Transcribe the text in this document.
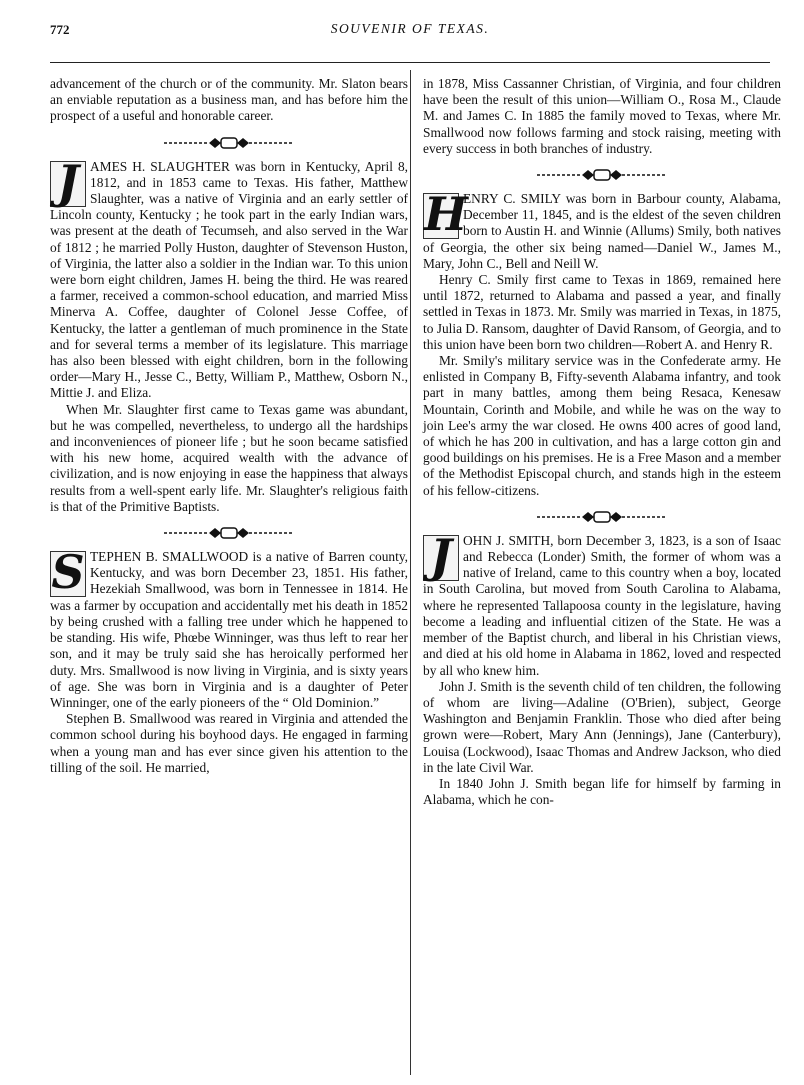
772	SOUVENIR OF TEXAS.

advancement of the church or of the community. Mr. Slaton bears an enviable reputation as a business man, and has before him the prospect of a useful and honorable career.

J AMES H. SLAUGHTER was born in Kentucky, April 8, 1812, and in 1853 came to Texas. His father, Matthew Slaughter, was a native of Virginia and an early settler of Lincoln county, Kentucky ; he took part in the early Indian wars, was present at the death of Tecumseh, and also served in the War of 1812 ; he married Polly Huston, daughter of Stevenson Huston, of Virginia, the latter also a soldier in the Indian war. To this union were born eight children, James H. being the third. He was reared a farmer, received a common-school education, and married Miss Minerva A. Coffee, daughter of Colonel Jesse Coffee, of Kentucky, the latter a gentleman of much prominence in the State and for several terms a member of its legislature. This marriage has also been blessed with eight children, born in the following order—Mary H., Jesse C., Betty, William P., Matthew, Osborn N., Mittie J. and Eliza.

When Mr. Slaughter first came to Texas game was abundant, but he was compelled, nevertheless, to undergo all the hardships and inconveniences of pioneer life ; but he soon became satisfied with his new home, acquired wealth with the advance of civilization, and is now enjoying in ease the happiness that always results from a well-spent early life. Mr. Slaughter's religious faith is that of the Primitive Baptists.

S TEPHEN B. SMALLWOOD is a native of Barren county, Kentucky, and was born December 23, 1851. His father, Hezekiah Smallwood, was born in Tennessee in 1814. He was a farmer by occupation and accidentally met his death in 1852 by being crushed with a falling tree under which he happened to be standing. His wife, Phœbe Winninger, was thus left to rear her son, and it may be truly said she has heroically performed her duty. Mrs. Smallwood is now living in Virginia, and is sixty years of age. She was born in Virginia and is a daughter of Peter Winninger, one of the early pioneers of the “ Old Dominion.”

Stephen B. Smallwood was reared in Virginia and attended the common school during his boyhood days. He engaged in farming when a young man and has ever since given his attention to the tilling of the soil. He married,

in 1878, Miss Cassanner Christian, of Virginia, and four children have been the result of this union—William O., Rosa M., Claude M. and James C. In 1885 the family moved to Texas, where Mr. Smallwood now follows farming and stock raising, meeting with every success in both branches of industry.

H
ENRY C. SMILY was born in Barbour county, Alabama, December 11, 1845, and is the eldest of the seven children born to Austin H. and Winnie (Allums) Smily, both natives of Georgia, the other six being named—Daniel W., James M., Mary, John C., Bell and Neill W.

Henry C. Smily first came to Texas in 1869, remained here until 1872, returned to Alabama and passed a year, and finally settled in Texas in 1873. Mr. Smily was married in Texas, in 1875, to Julia D. Ransom, daughter of David Ransom, of Georgia, and to this union have been born two children—Robert A. and Henry R.

Mr. Smily's military service was in the Confederate army. He enlisted in Company B, Fifty-seventh Alabama infantry, and took part in many battles, among them being Resaca, Kenesaw Mountain, Corinth and Mobile, and while he was on the way to join Lee's army the war closed. He owns 400 acres of good land, of which he has 200 in cultivation, and has a large cotton gin and good buildings on his premises. He is a Free Mason and a member of the Methodist Episcopal church, and stands high in the esteem of his fellow-citizens.

J OHN J. SMITH, born December 3, 1823, is a son of Isaac and Rebecca (Londer) Smith, the former of whom was a native of Ireland, came to this country when a boy, located in South Carolina, but moved from South Carolina to Alabama, where he represented Tallapoosa county in the legislature, having become a leading and influential citizen of the State. He was a member of the Baptist church, and liberal in his Christian views, and died at his old home in Alabama in 1862, loved and respected by all who knew him.

John J. Smith is the seventh child of ten children, the following of whom are living—Adaline (O'Brien), subject, George Washington and Benjamin Franklin. Those who died after being grown were—Robert, Mary Ann (Jennings), Jane (Canterbury), Louisa (Lockwood), Isaac Thomas and Andrew Jackson, who died in the late Civil War.

In 1840 John J. Smith began life for himself by farming in Alabama, which he con-
